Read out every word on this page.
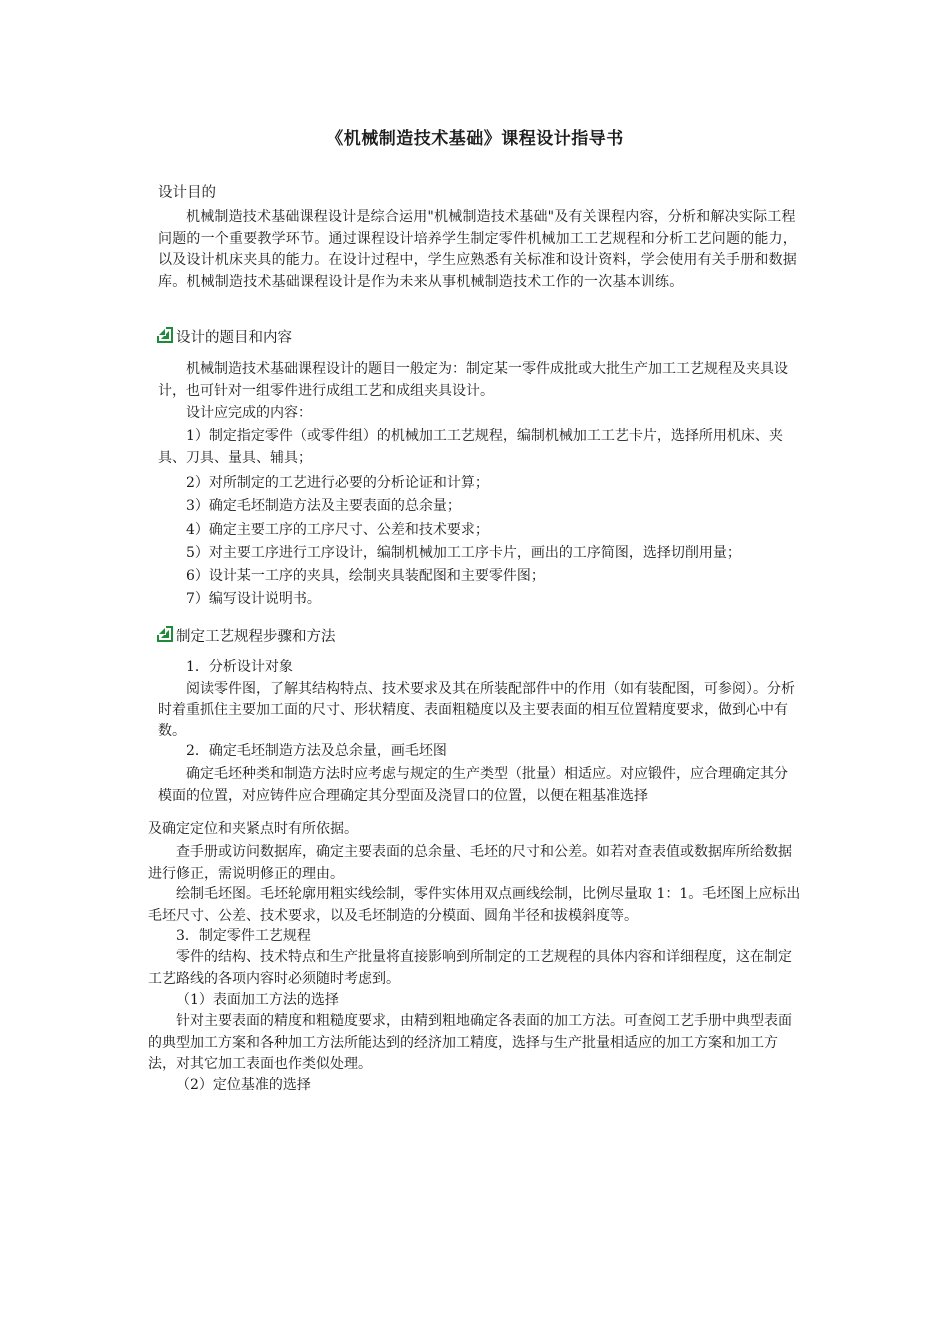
《机械制造技术基础》课程设计指导书
设计目的
机械制造技术基础课程设计是综合运用"机械制造技术基础"及有关课程内容，分析和解决实际工程问题的一个重要教学环节。通过课程设计培养学生制定零件机械加工工艺规程和分析工艺问题的能力，以及设计机床夹具的能力。在设计过程中，学生应熟悉有关标准和设计资料，学会使用有关手册和数据库。机械制造技术基础课程设计是作为未来从事机械制造技术工作的一次基本训练。
设计的题目和内容
机械制造技术基础课程设计的题目一般定为：制定某一零件成批或大批生产加工工艺规程及夹具设计，也可针对一组零件进行成组工艺和成组夹具设计。
设计应完成的内容：

1）制定指定零件（或零件组）的机械加工工艺规程，编制机械加工工艺卡片，选择所用机床、夹具、刀具、量具、辅具；

2）对所制定的工艺进行必要的分析论证和计算；

3）确定毛坯制造方法及主要表面的总余量；

4）确定主要工序的工序尺寸、公差和技术要求；

5）对主要工序进行工序设计，编制机械加工工序卡片，画出的工序简图，选择切削用量；

6）设计某一工序的夹具，绘制夹具装配图和主要零件图；

7）编写设计说明书。

制定工艺规程步骤和方法
1．分析设计对象
阅读零件图，了解其结构特点、技术要求及其在所装配部件中的作用（如有装配图，可参阅）。分析时着重抓住主要加工面的尺寸、形状精度、表面粗糙度以及主要表面的相互位置精度要求，做到心中有数。
2．确定毛坯制造方法及总余量，画毛坯图
确定毛坯种类和制造方法时应考虑与规定的生产类型（批量）相适应。对应锻件，应合理确定其分模面的位置，对应铸件应合理确定其分型面及浇冒口的位置，以便在粗基准选择
及确定定位和夹紧点时有所依据。
查手册或访问数据库，确定主要表面的总余量、毛坯的尺寸和公差。如若对查表值或数据库所给数据进行修正，需说明修正的理由。
绘制毛坯图。毛坯轮廓用粗实线绘制，零件实体用双点画线绘制，比例尽量取 1：1。毛坯图上应标出毛坯尺寸、公差、技术要求，以及毛坯制造的分模面、圆角半径和拔模斜度等。
3．制定零件工艺规程
零件的结构、技术特点和生产批量将直接影响到所制定的工艺规程的具体内容和详细程度，这在制定工艺路线的各项内容时必须随时考虑到。
（1）表面加工方法的选择
针对主要表面的精度和粗糙度要求，由精到粗地确定各表面的加工方法。可查阅工艺手册中典型表面的典型加工方案和各种加工方法所能达到的经济加工精度，选择与生产批量相适应的加工方案和加工方法，对其它加工表面也作类似处理。
（2）定位基准的选择
